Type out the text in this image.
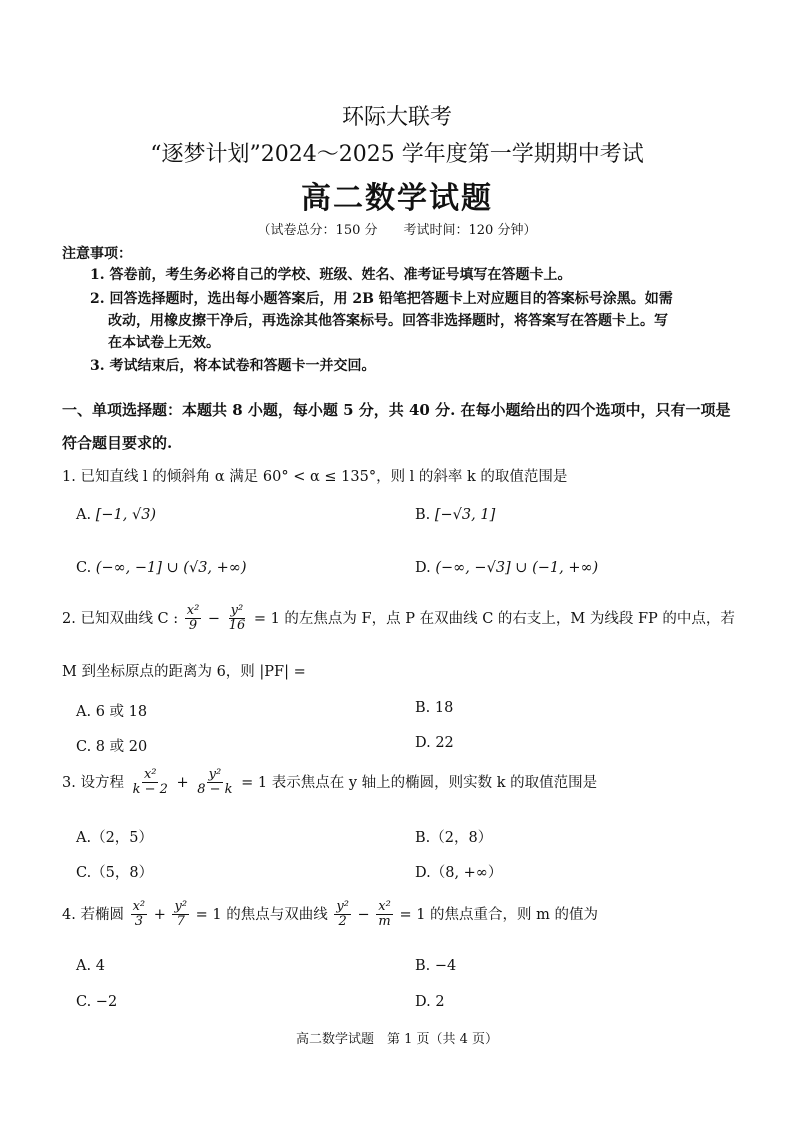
环际大联考
“逐梦计划”2024～2025 学年度第一学期期中考试
高二数学试题
（试卷总分：150 分　　考试时间：120 分钟）
注意事项：
1. 答卷前，考生务必将自己的学校、班级、姓名、准考证号填写在答题卡上。
2. 回答选择题时，选出每小题答案后，用 2B 铅笔把答题卡上对应题目的答案标号涂黑。如需
改动，用橡皮擦干净后，再选涂其他答案标号。回答非选择题时，将答案写在答题卡上。写
在本试卷上无效。
3. 考试结束后，将本试卷和答题卡一并交回。
一、单项选择题：本题共 8 小题，每小题 5 分，共 40 分. 在每小题给出的四个选项中，只有一项是
符合题目要求的.
1. 已知直线 l 的倾斜角 α 满足 60° < α ≤ 135°，则 l 的斜率 k 的取值范围是
A. [−1, √3)	B. [−√3, 1]
C. (−∞, −1] ∪ (√3, +∞)	D. (−∞, −√3] ∪ (−1, +∞)
2. 已知双曲线 C : $\frac{\text{x²}}{9} - \frac{\text{y²}}{16} = 1$ 的左焦点为 F，点 P 在双曲线 C 的右支上，M 为线段 FP 的中点，若
M 到坐标原点的距离为 6，则 |PF| =
A. 6 或 18	B. 18
C. 8 或 20	D. 22
3. 设方程 $\frac{\text{x²}}{k - 2} + \frac{\text{y²}}{8 - k} = 1$ 表示焦点在 y 轴上的椭圆，则实数 k 的取值范围是
A.（2，5）	B.（2，8）
C.（5，8）	D.（8, +∞）
4. 若椭圆 $\frac{\text{x²}}{3} + \frac{\text{y²}}{7} = 1$ 的焦点与双曲线 $\frac{\text{y²}}{2} - \frac{\text{x²}}{m} = 1$ 的焦点重合，则 m 的值为
A. 4	B. −4
C. −2	D. 2
高二数学试题　第 1 页（共 4 页）
